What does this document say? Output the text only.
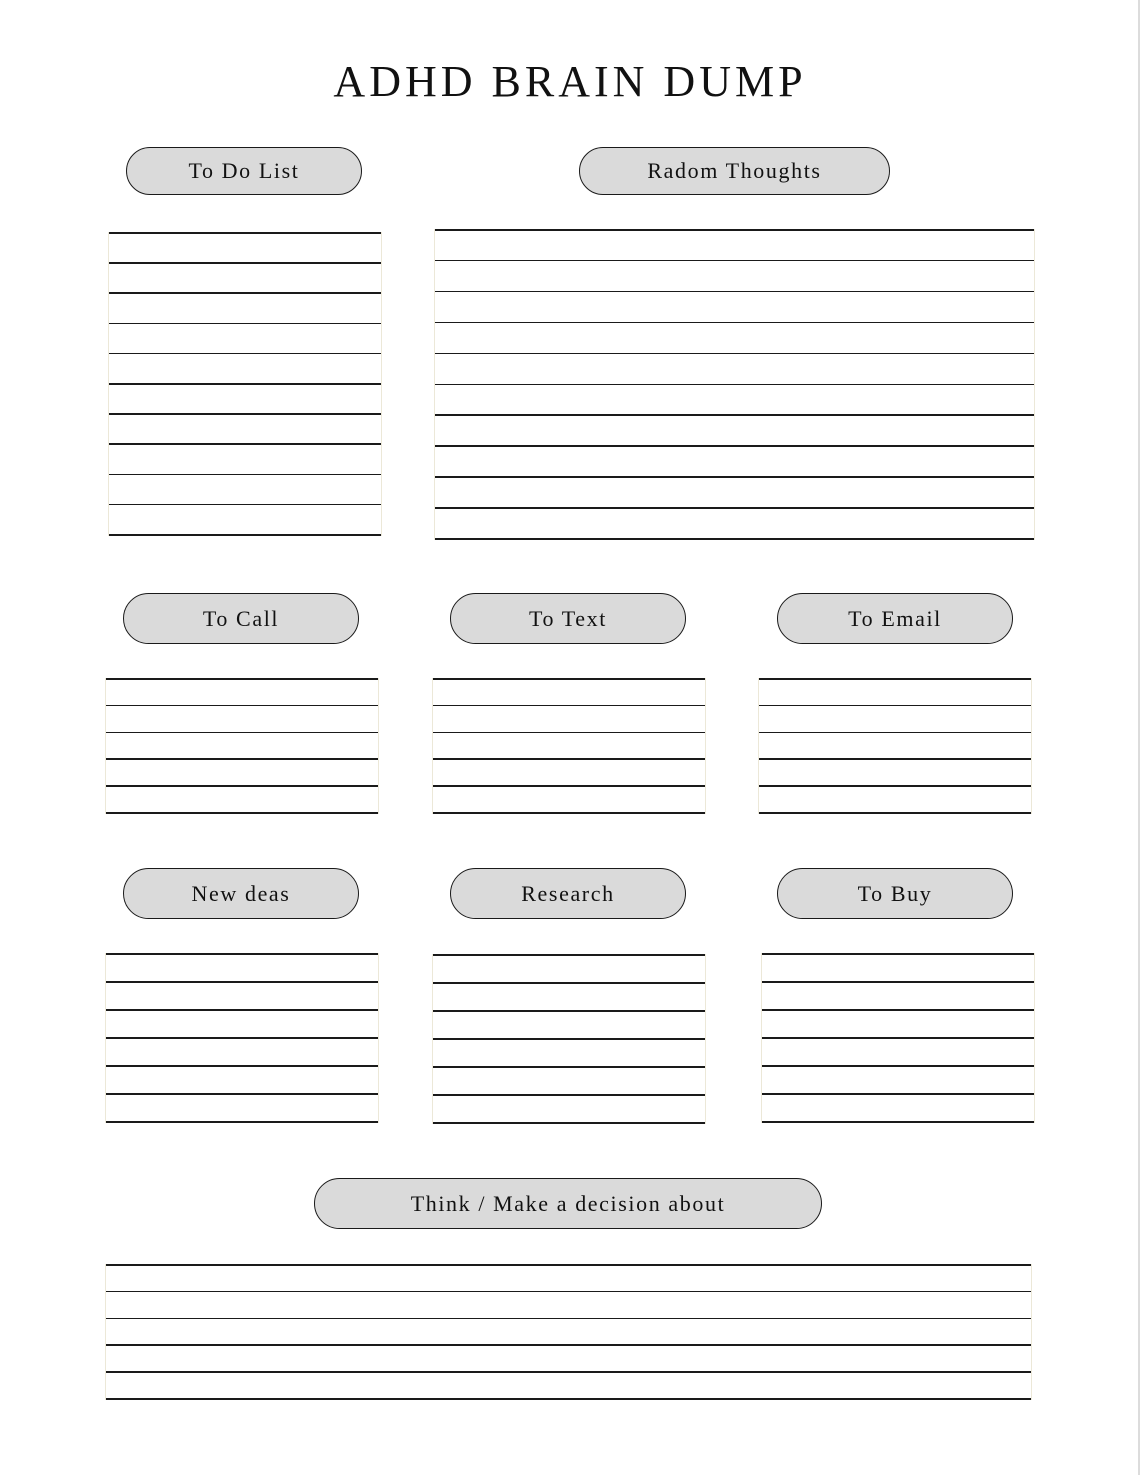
ADHD BRAIN DUMP
To Do List	Radom Thoughts
To Call	To Text	To Email
New deas	Research	To Buy
Think / Make a decision about
